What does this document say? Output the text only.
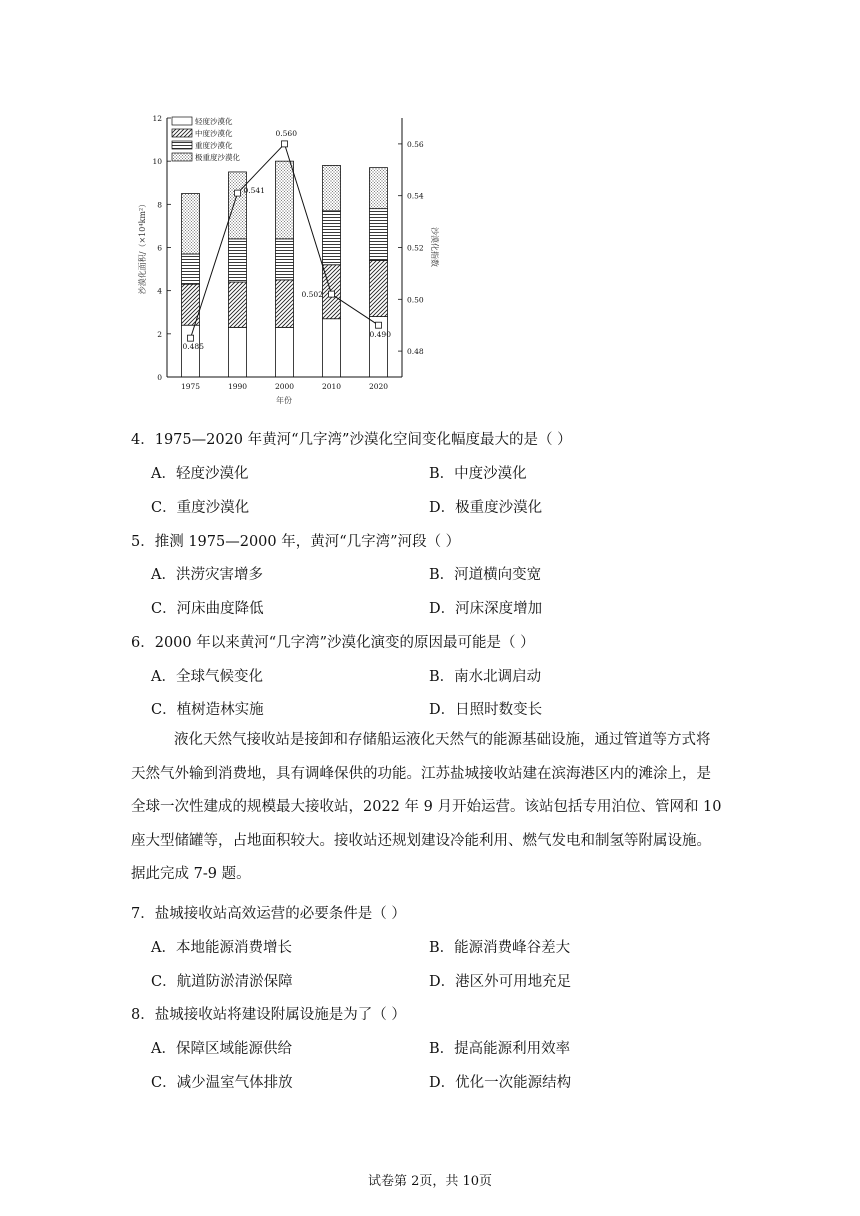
1975	1990	2000	2010	2020
0
2
4
6
8
10
12
0.48
0.50
0.52
0.54
0.56
0.485
0.541
0.560
0.502
0.490
轻度沙漠化
中度沙漠化
重度沙漠化
极重度沙漠化
沙漠化面积/（×10⁴km²）	沙漠化指数
年份
4．1975—2020 年黄河“几字湾”沙漠化空间变化幅度最大的是（ ）
A．轻度沙漠化	B．中度沙漠化
C．重度沙漠化	D．极重度沙漠化
5．推测 1975—2000 年，黄河“几字湾”河段（ ）
A．洪涝灾害增多	B．河道横向变宽
C．河床曲度降低	D．河床深度增加
6．2000 年以来黄河“几字湾”沙漠化演变的原因最可能是（ ）
A．全球气候变化	B．南水北调启动
C．植树造林实施	D．日照时数变长
液化天然气接收站是接卸和存储船运液化天然气的能源基础设施，通过管道等方式将
天然气外输到消费地，具有调峰保供的功能。江苏盐城接收站建在滨海港区内的滩涂上，是
全球一次性建成的规模最大接收站，2022 年 9 月开始运营。该站包括专用泊位、管网和 10
座大型储罐等，占地面积较大。接收站还规划建设冷能利用、燃气发电和制氢等附属设施。
据此完成 7-9 题。
7．盐城接收站高效运营的必要条件是（ ）
A．本地能源消费增长	B．能源消费峰谷差大
C．航道防淤清淤保障	D．港区外可用地充足
8．盐城接收站将建设附属设施是为了（ ）
A．保障区域能源供给	B．提高能源利用效率
C．减少温室气体排放	D．优化一次能源结构
试卷第 2页，共 10页
